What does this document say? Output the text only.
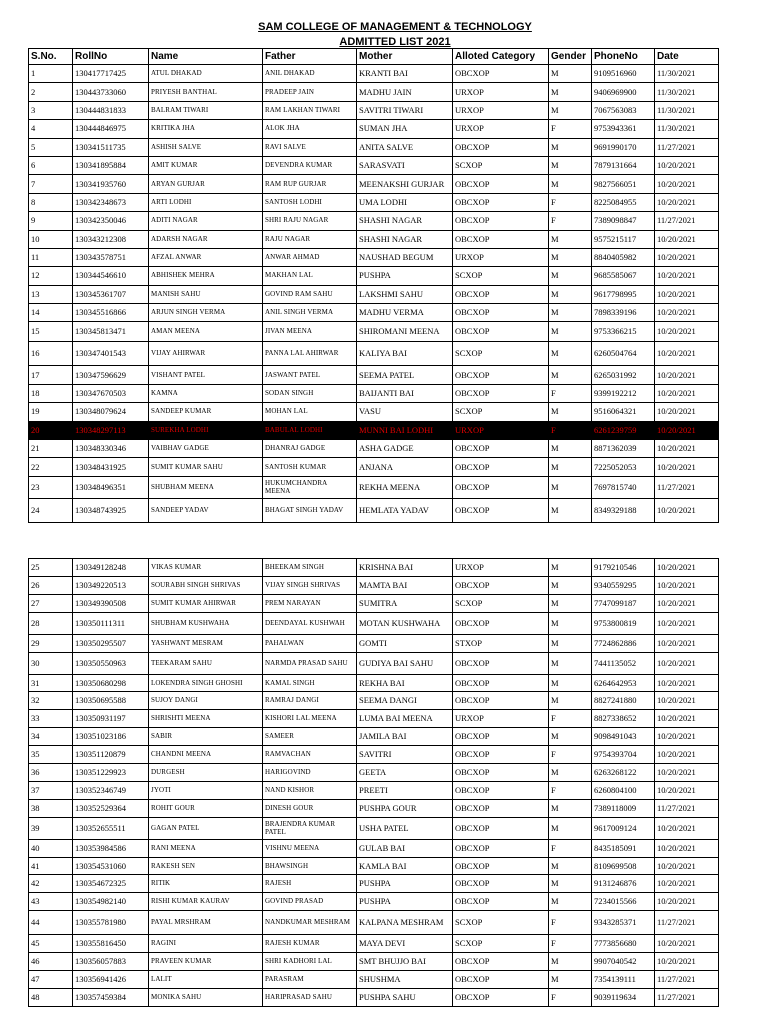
SAM COLLEGE OF MANAGEMENT & TECHNOLOGY
ADMITTED LIST 2021
S.No.	RollNo	Name	Father	Mother	Alloted Category	Gender	PhoneNo	Date
1	130417717425	ATUL DHAKAD	ANIL DHAKAD	KRANTI BAI	OBCXOP	M	9109516960	11/30/2021
2	130443733060	PRIYESH BANTHAL	PRADEEP JAIN	MADHU JAIN	URXOP	M	9406969900	11/30/2021
3	130444831833	BALRAM TIWARI	RAM LAKHAN TIWARI	SAVITRI TIWARI	URXOP	M	7067563083	11/30/2021
4	130444846975	KRITIKA JHA	ALOK JHA	SUMAN JHA	URXOP	F	9753943361	11/30/2021
5	130341511735	ASHISH SALVE	RAVI SALVE	ANITA SALVE	OBCXOP	M	9691990170	11/27/2021
6	130341895884	AMIT KUMAR	DEVENDRA KUMAR	SARASVATI	SCXOP	M	7879131664	10/20/2021
7	130341935760	ARYAN GURJAR	RAM RUP GURJAR	MEENAKSHI GURJAR	OBCXOP	M	9827566051	10/20/2021
8	130342348673	ARTI LODHI	SANTOSH LODHI	UMA LODHI	OBCXOP	F	8225084955	10/20/2021
9	130342350046	ADITI NAGAR	SHRI RAJU NAGAR	SHASHI NAGAR	OBCXOP	F	7389098847	11/27/2021
10	130343212308	ADARSH NAGAR	RAJU NAGAR	SHASHI NAGAR	OBCXOP	M	9575215117	10/20/2021
11	130343578751	AFZAL ANWAR	ANWAR AHMAD	NAUSHAD BEGUM	URXOP	M	8840405982	10/20/2021
12	130344546610	ABHISHEK MEHRA	MAKHAN LAL	PUSHPA	SCXOP	M	9685585067	10/20/2021
13	130345361707	MANISH SAHU	GOVIND RAM SAHU	LAKSHMI SAHU	OBCXOP	M	9617798995	10/20/2021
14	130345516866	ARJUN SINGH VERMA	ANIL SINGH VERMA	MADHU VERMA	OBCXOP	M	7898339196	10/20/2021
15	130345813471	AMAN MEENA	JIVAN MEENA	SHIROMANI MEENA	OBCXOP	M	9753366215	10/20/2021
16	130347401543	VIJAY AHIRWAR	PANNA LAL AHIRWAR	KALIYA BAI	SCXOP	M	6260504764	10/20/2021
17	130347596629	VISHANT PATEL	JASWANT PATEL	SEEMA PATEL	OBCXOP	M	6265031992	10/20/2021
18	130347670503	KAMNA	SODAN SINGH	BAIJANTI BAI	OBCXOP	F	9399192212	10/20/2021
19	130348079624	SANDEEP KUMAR	MOHAN LAL	VASU	SCXOP	M	9516064321	10/20/2021
20	130348297113	SUREKHA LODHI	BABULAL LODHI	MUNNI BAI LODHI	URXOP	F	6261239759	10/20/2021
21	130348330346	VAIBHAV GADGE	DHANRAJ GADGE	ASHA GADGE	OBCXOP	M	8871362039	10/20/2021
22	130348431925	SUMIT KUMAR SAHU	SANTOSH KUMAR	ANJANA	OBCXOP	M	7225052053	10/20/2021
23	130348496351	SHUBHAM MEENA	HUKUMCHANDRA MEENA	REKHA MEENA	OBCXOP	M	7697815740	11/27/2021
24	130348743925	SANDEEP YADAV	BHAGAT SINGH YADAV	HEMLATA YADAV	OBCXOP	M	8349329188	10/20/2021
25	130349128248	VIKAS KUMAR	BHEEKAM SINGH	KRISHNA BAI	URXOP	M	9179210546	10/20/2021
26	130349220513	SOURABH SINGH SHRIVAS	VIJAY SINGH SHRIVAS	MAMTA BAI	OBCXOP	M	9340559295	10/20/2021
27	130349390508	SUMIT KUMAR AHIRWAR	PREM NARAYAN	SUMITRA	SCXOP	M	7747099187	10/20/2021
28	130350111311	SHUBHAM KUSHWAHA	DEENDAYAL KUSHWAH	MOTAN KUSHWAHA	OBCXOP	M	9753800819	10/20/2021
29	130350295507	YASHWANT MESRAM	PAHALWAN	GOMTI	STXOP	M	7724862886	10/20/2021
30	130350550963	TEEKARAM SAHU	NARMDA PRASAD SAHU	GUDIYA BAI SAHU	OBCXOP	M	7441135052	10/20/2021
31	130350680298	LOKENDRA SINGH GHOSHI	KAMAL SINGH	REKHA BAI	OBCXOP	M	6264642953	10/20/2021
32	130350695588	SUJOY DANGI	RAMRAJ DANGI	SEEMA DANGI	OBCXOP	M	8827241880	10/20/2021
33	130350931197	SHRISHTI MEENA	KISHORI LAL MEENA	LUMA BAI MEENA	URXOP	F	8827338652	10/20/2021
34	130351023186	SABIR	SAMEER	JAMILA BAI	OBCXOP	M	9098491043	10/20/2021
35	130351120879	CHANDNI MEENA	RAMVACHAN	SAVITRI	OBCXOP	F	9754393704	10/20/2021
36	130351229923	DURGESH	HARIGOVIND	GEETA	OBCXOP	M	6263268122	10/20/2021
37	130352346749	JYOTI	NAND KISHOR	PREETI	OBCXOP	F	6260804100	10/20/2021
38	130352529364	ROHIT GOUR	DINESH GOUR	PUSHPA GOUR	OBCXOP	M	7389118009	11/27/2021
39	130352655511	GAGAN PATEL	BRAJENDRA KUMAR PATEL	USHA PATEL	OBCXOP	M	9617009124	10/20/2021
40	130353984586	RANI MEENA	VISHNU MEENA	GULAB BAI	OBCXOP	F	8435185091	10/20/2021
41	130354531060	RAKESH SEN	BHAWSINGH	KAMLA BAI	OBCXOP	M	8109699508	10/20/2021
42	130354672325	RITIK	RAJESH	PUSHPA	OBCXOP	M	9131246876	10/20/2021
43	130354982140	RISHI KUMAR KAURAV	GOVIND PRASAD	PUSHPA	OBCXOP	M	7234015566	10/20/2021
44	130355781980	PAYAL MRSHRAM	NANDKUMAR MESHRAM	KALPANA MESHRAM	SCXOP	F	9343285371	11/27/2021
45	130355816450	RAGINI	RAJESH KUMAR	MAYA DEVI	SCXOP	F	7773856680	10/20/2021
46	130356057883	PRAVEEN KUMAR	SHRI KADHORI LAL	SMT BHUJJO BAI	OBCXOP	M	9907040542	10/20/2021
47	130356941426	LALIT	PARASRAM	SHUSHMA	OBCXOP	M	7354139111	11/27/2021
48	130357459384	MONIKA SAHU	HARIPRASAD SAHU	PUSHPA SAHU	OBCXOP	F	9039119634	11/27/2021
